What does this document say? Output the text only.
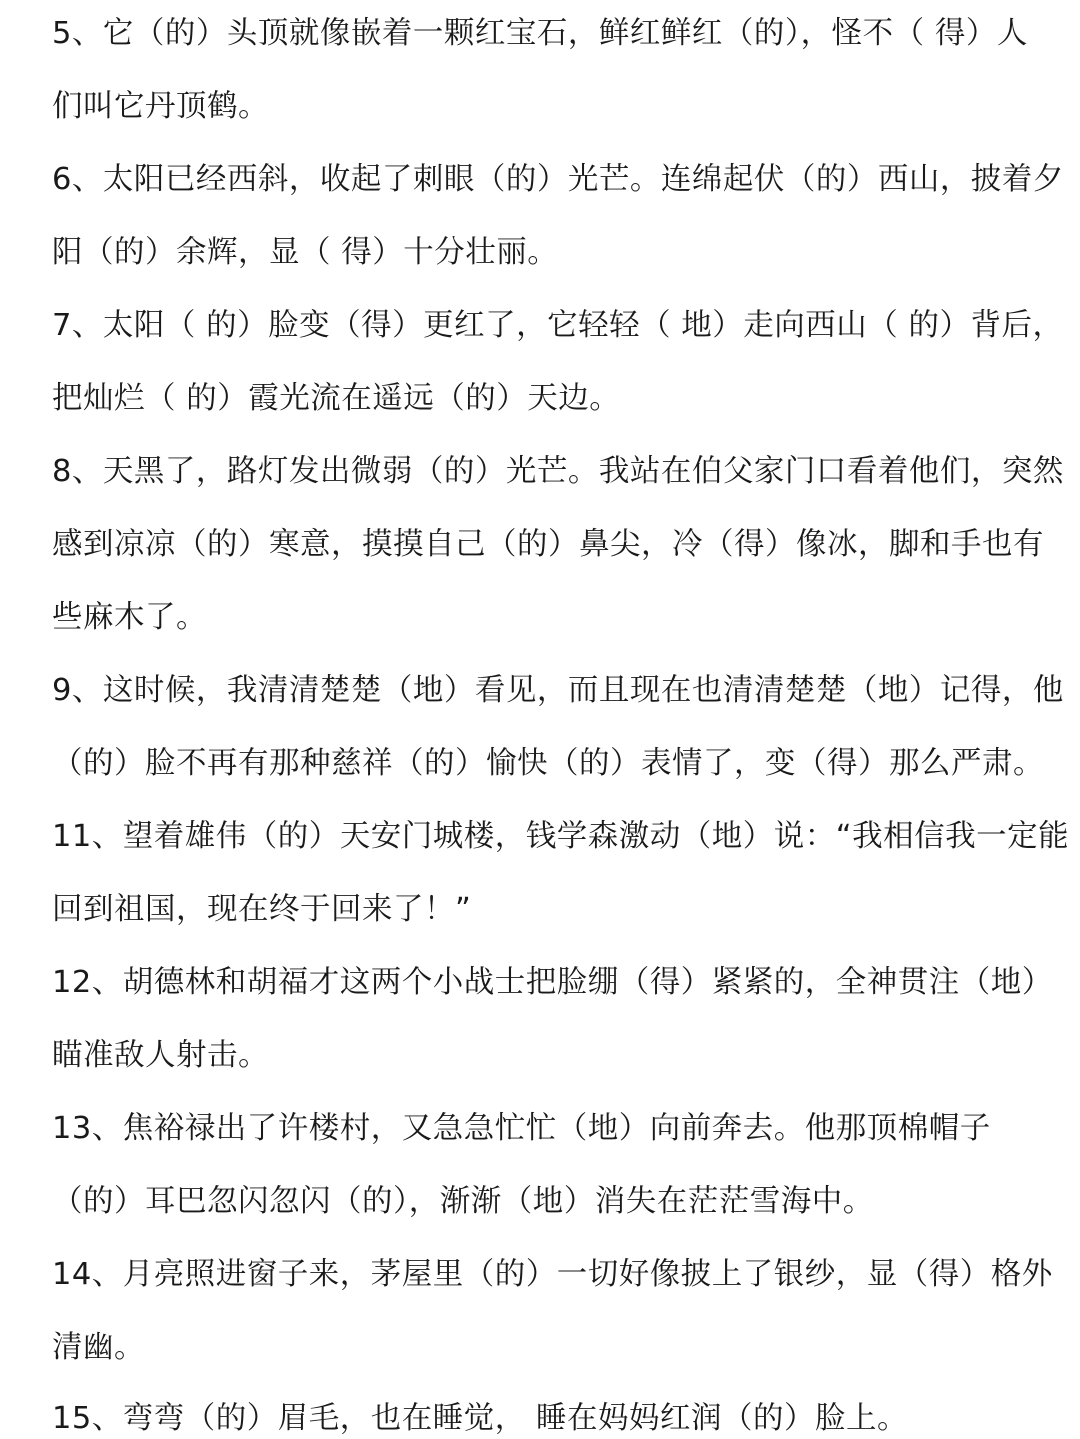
5、它（的）头顶就像嵌着一颗红宝石，鲜红鲜红（的），怪不（ 得）人
们叫它丹顶鹤。
6、太阳已经西斜，收起了刺眼（的）光芒。连绵起伏（的）西山，披着夕
阳（的）余辉，显（ 得）十分壮丽。
7、太阳（ 的）脸变（得）更红了，它轻轻（ 地）走向西山（ 的）背后，
把灿烂（ 的）霞光流在遥远（的）天边。
8、天黑了，路灯发出微弱（的）光芒。我站在伯父家门口看着他们，突然
感到凉凉（的）寒意，摸摸自己（的）鼻尖，冷（得）像冰，脚和手也有
些麻木了。
9、这时候，我清清楚楚（地）看见，而且现在也清清楚楚（地）记得，他
（的）脸不再有那种慈祥（的）愉快（的）表情了，变（得）那么严肃。
11、望着雄伟（的）天安门城楼，钱学森激动（地）说：“我相信我一定能
回到祖国，现在终于回来了！”
12、胡德林和胡福才这两个小战士把脸绷（得）紧紧的，全神贯注（地）
瞄准敌人射击。
13、焦裕禄出了许楼村，又急急忙忙（地）向前奔去。他那顶棉帽子
（的）耳巴忽闪忽闪（的），渐渐（地）消失在茫茫雪海中。
14、月亮照进窗子来，茅屋里（的）一切好像披上了银纱，显（得）格外
清幽。
15、弯弯（的）眉毛，也在睡觉， 睡在妈妈红润（的）脸上。
